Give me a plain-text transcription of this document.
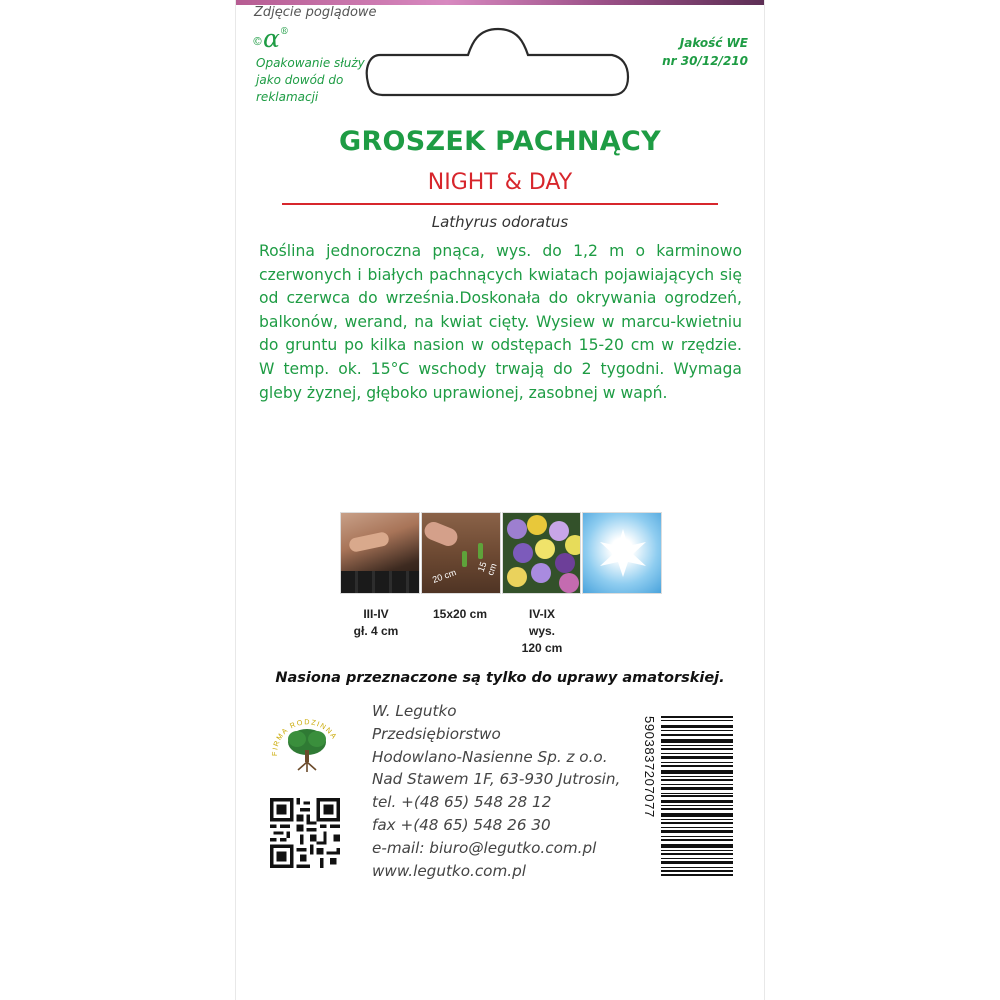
Zdjęcie poglądowe
©α®
Opakowanie służy jako dowód do reklamacji
Jakość WE
nr 30/12/210
GROSZEK PACHNĄCY
NIGHT & DAY
Lathyrus odoratus
Roślina jednoroczna pnąca, wys. do 1,2 m o karminowo czerwonych i białych pachnących kwiatach pojawiających się od czerwca do września.Doskonała do okrywania ogrodzeń, balkonów, werand, na kwiat cięty. Wysiew w marcu-kwietniu do gruntu po kilka nasion w odstępach 15-20 cm w rzędzie. W temp. ok. 15°C wschody trwają do 2 tygodni. Wymaga gleby żyznej, głęboko uprawionej, zasobnej w wapń.
15 cm
20 cm
III-IV
gł. 4 cm
15x20 cm	IV-IX
wys.
120 cm
Nasiona przeznaczone są tylko do uprawy amatorskiej.
FIRMA RODZINNA
W. Legutko
Przedsiębiorstwo
Hodowlano-Nasienne Sp. z o.o.
Nad Stawem 1F, 63-930 Jutrosin,
tel. +(48 65) 548 28 12
fax +(48 65) 548 26 30
e-mail: biuro@legutko.com.pl
www.legutko.com.pl
5903837207077
